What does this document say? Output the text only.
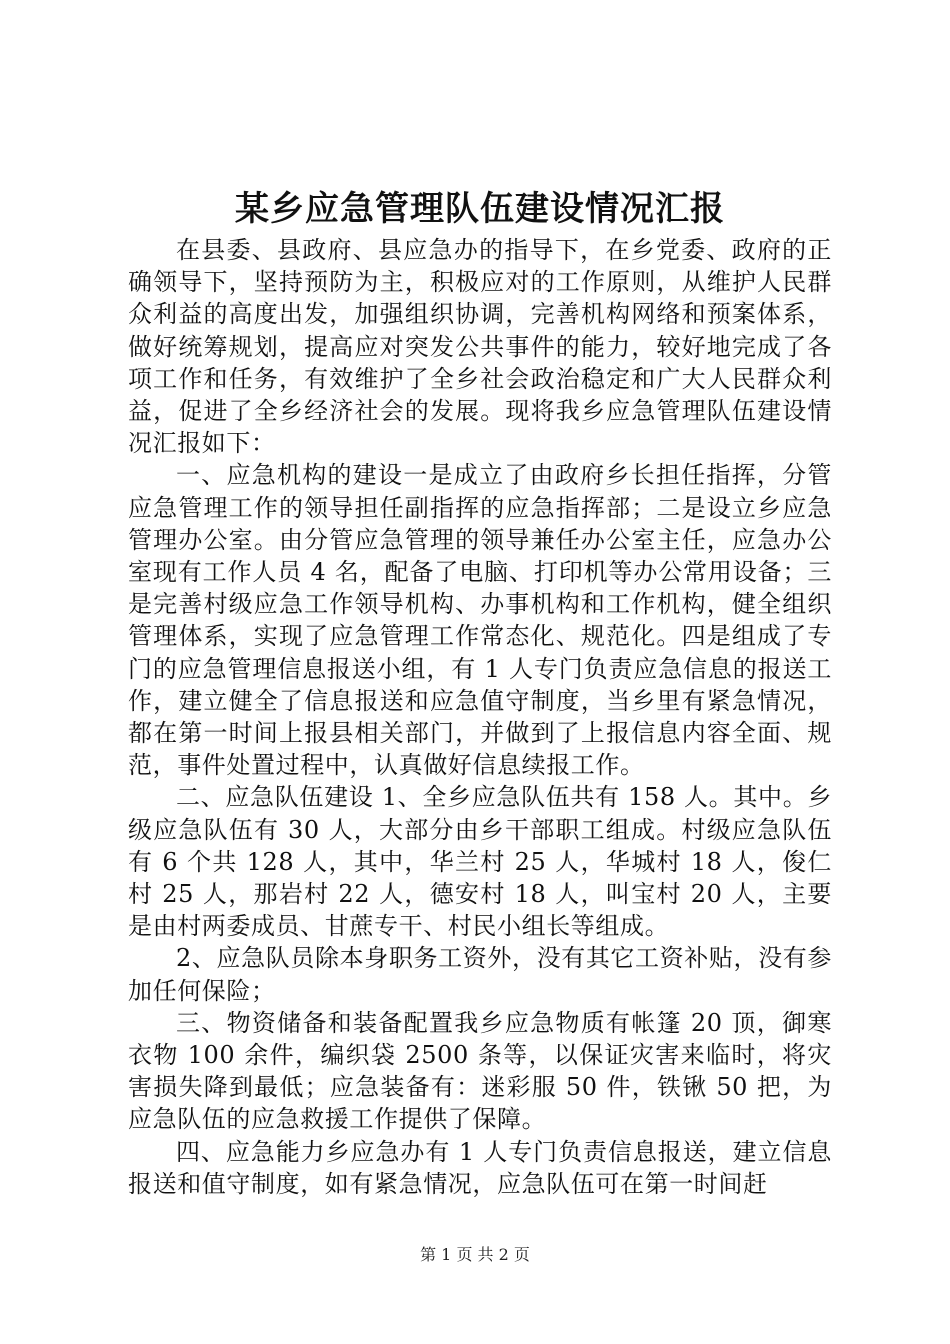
某乡应急管理队伍建设情况汇报

在县委、县政府、县应急办的指导下，在乡党委、政府的正确领导下，坚持预防为主，积极应对的工作原则，从维护人民群众利益的高度出发，加强组织协调，完善机构网络和预案体系，做好统筹规划，提高应对突发公共事件的能力，较好地完成了各项工作和任务，有效维护了全乡社会政治稳定和广大人民群众利益，促进了全乡经济社会的发展。现将我乡应急管理队伍建设情况汇报如下：

一、应急机构的建设一是成立了由政府乡长担任指挥，分管应急管理工作的领导担任副指挥的应急指挥部；二是设立乡应急管理办公室。由分管应急管理的领导兼任办公室主任，应急办公室现有工作人员 4 名，配备了电脑、打印机等办公常用设备；三是完善村级应急工作领导机构、办事机构和工作机构，健全组织管理体系，实现了应急管理工作常态化、规范化。四是组成了专门的应急管理信息报送小组，有 1 人专门负责应急信息的报送工作，建立健全了信息报送和应急值守制度，当乡里有紧急情况，都在第一时间上报县相关部门，并做到了上报信息内容全面、规范，事件处置过程中，认真做好信息续报工作。

二、应急队伍建设 1、全乡应急队伍共有 158 人。其中。乡级应急队伍有 30 人，大部分由乡干部职工组成。村级应急队伍有 6 个共 128 人，其中，华兰村 25 人，华城村 18 人，俊仁村 25 人，那岩村 22 人，德安村 18 人，叫宝村 20 人，主要是由村两委成员、甘蔗专干、村民小组长等组成。

2、应急队员除本身职务工资外，没有其它工资补贴，没有参加任何保险；

三、物资储备和装备配置我乡应急物质有帐篷 20 顶，御寒衣物 100 余件，编织袋 2500 条等，以保证灾害来临时，将灾害损失降到最低；应急装备有：迷彩服 50 件，铁锹 50 把，为应急队伍的应急救援工作提供了保障。

四、应急能力乡应急办有 1 人专门负责信息报送，建立信息报送和值守制度，如有紧急情况，应急队伍可在第一时间赶

第 1 页 共 2 页
